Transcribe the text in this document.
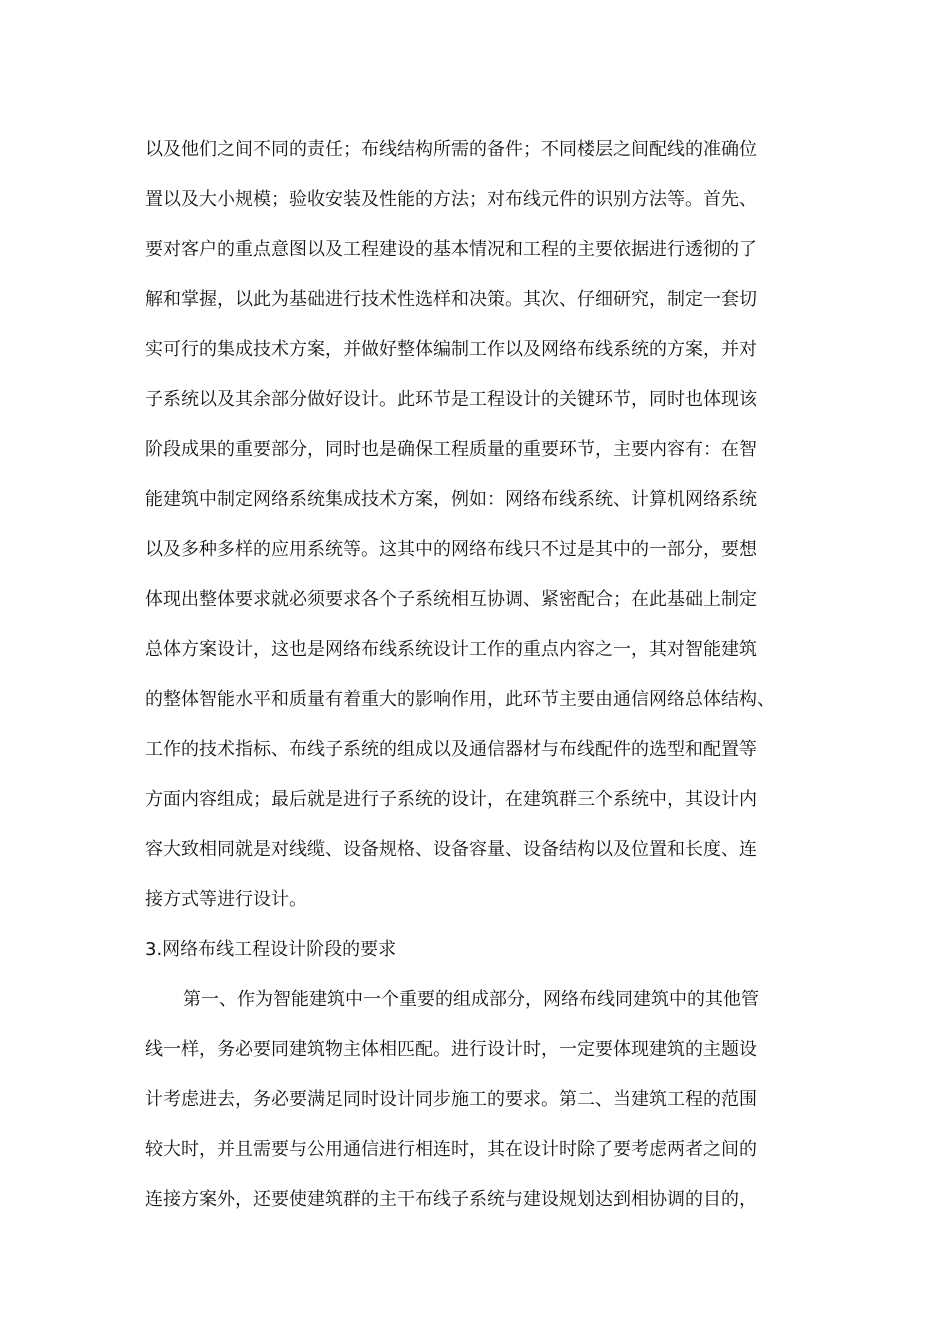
以及他们之间不同的责任；布线结构所需的备件；不同楼层之间配线的准确位
置以及大小规模；验收安装及性能的方法；对布线元件的识别方法等。首先、
要对客户的重点意图以及工程建设的基本情况和工程的主要依据进行透彻的了
解和掌握，以此为基础进行技术性选样和决策。其次、仔细研究，制定一套切
实可行的集成技术方案，并做好整体编制工作以及网络布线系统的方案，并对
子系统以及其余部分做好设计。此环节是工程设计的关键环节，同时也体现该
阶段成果的重要部分，同时也是确保工程质量的重要环节，主要内容有：在智
能建筑中制定网络系统集成技术方案，例如：网络布线系统、计算机网络系统
以及多种多样的应用系统等。这其中的网络布线只不过是其中的一部分，要想
体现出整体要求就必须要求各个子系统相互协调、紧密配合；在此基础上制定
总体方案设计，这也是网络布线系统设计工作的重点内容之一，其对智能建筑
的整体智能水平和质量有着重大的影响作用，此环节主要由通信网络总体结构、
工作的技术指标、布线子系统的组成以及通信器材与布线配件的选型和配置等
方面内容组成；最后就是进行子系统的设计，在建筑群三个系统中，其设计内
容大致相同就是对线缆、设备规格、设备容量、设备结构以及位置和长度、连
接方式等进行设计。
3.网络布线工程设计阶段的要求
第一、作为智能建筑中一个重要的组成部分，网络布线同建筑中的其他管
线一样，务必要同建筑物主体相匹配。进行设计时，一定要体现建筑的主题设
计考虑进去，务必要满足同时设计同步施工的要求。第二、当建筑工程的范围
较大时，并且需要与公用通信进行相连时，其在设计时除了要考虑两者之间的
连接方案外，还要使建筑群的主干布线子系统与建设规划达到相协调的目的，
